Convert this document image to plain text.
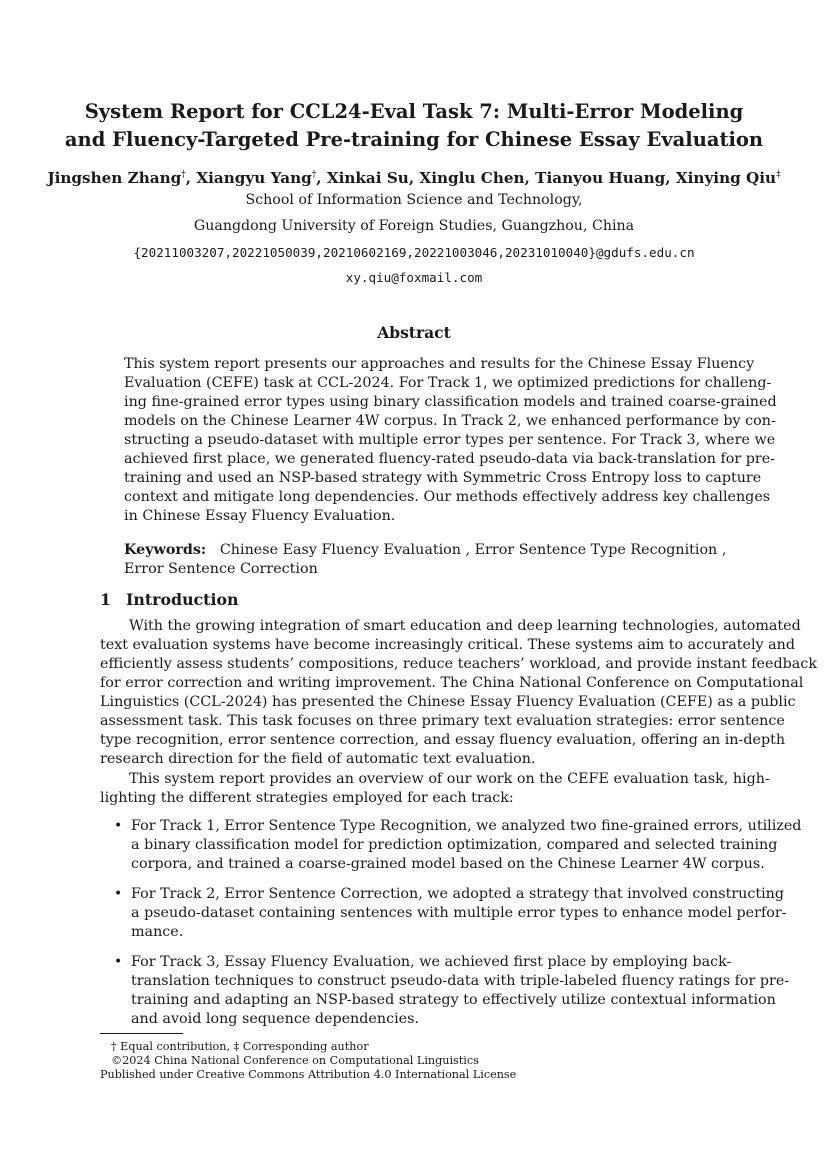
System Report for CCL24-Eval Task 7: Multi-Error Modeling
and Fluency-Targeted Pre-training for Chinese Essay Evaluation
Jingshen Zhang†, Xiangyu Yang†, Xinkai Su, Xinglu Chen, Tianyou Huang, Xinying Qiu‡
School of Information Science and Technology,
Guangdong University of Foreign Studies, Guangzhou, China
{20211003207,20221050039,20210602169,20221003046,20231010040}@gdufs.edu.cn
xy.qiu@foxmail.com
Abstract
This system report presents our approaches and results for the Chinese Essay Fluency
Evaluation (CEFE) task at CCL-2024. For Track 1, we optimized predictions for challeng-
ing fine-grained error types using binary classification models and trained coarse-grained
models on the Chinese Learner 4W corpus. In Track 2, we enhanced performance by con-
structing a pseudo-dataset with multiple error types per sentence. For Track 3, where we
achieved first place, we generated fluency-rated pseudo-data via back-translation for pre-
training and used an NSP-based strategy with Symmetric Cross Entropy loss to capture
context and mitigate long dependencies. Our methods effectively address key challenges
in Chinese Essay Fluency Evaluation.
Keywords: Chinese Easy Fluency Evaluation , Error Sentence Type Recognition ,
Error Sentence Correction
1 Introduction
With the growing integration of smart education and deep learning technologies, automated
text evaluation systems have become increasingly critical. These systems aim to accurately and
efficiently assess students’ compositions, reduce teachers’ workload, and provide instant feedback
for error correction and writing improvement. The China National Conference on Computational
Linguistics (CCL-2024) has presented the Chinese Essay Fluency Evaluation (CEFE) as a public
assessment task. This task focuses on three primary text evaluation strategies: error sentence
type recognition, error sentence correction, and essay fluency evaluation, offering an in-depth
research direction for the field of automatic text evaluation.
This system report provides an overview of our work on the CEFE evaluation task, high-
lighting the different strategies employed for each track:
• For Track 1, Error Sentence Type Recognition, we analyzed two fine-grained errors, utilized
a binary classification model for prediction optimization, compared and selected training
corpora, and trained a coarse-grained model based on the Chinese Learner 4W corpus.
• For Track 2, Error Sentence Correction, we adopted a strategy that involved constructing
a pseudo-dataset containing sentences with multiple error types to enhance model perfor-
mance.
• For Track 3, Essay Fluency Evaluation, we achieved first place by employing back-
translation techniques to construct pseudo-data with triple-labeled fluency ratings for pre-
training and adapting an NSP-based strategy to effectively utilize contextual information
and avoid long sequence dependencies.
† Equal contribution, ‡ Corresponding author
©2024 China National Conference on Computational Linguistics
Published under Creative Commons Attribution 4.0 International License
